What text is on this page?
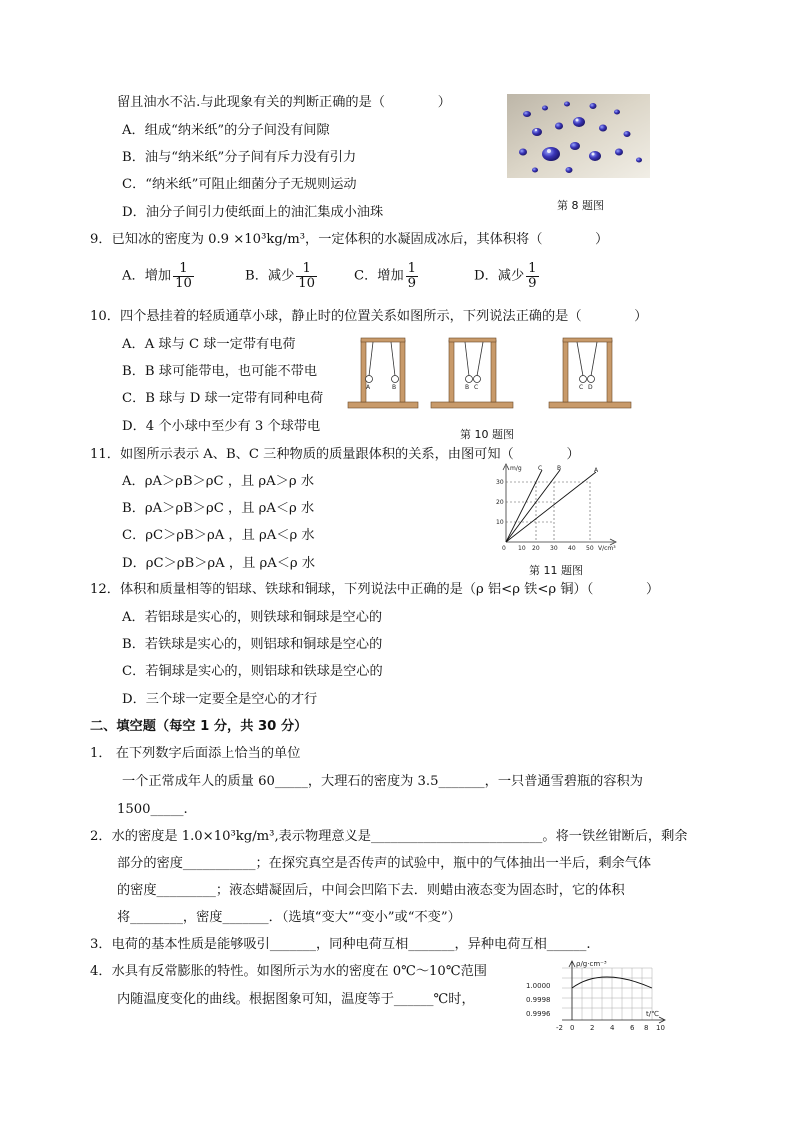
留且油水不沾.与此现象有关的判断正确的是（　　　　）
A．组成“纳米纸”的分子间没有间隙
B．油与“纳米纸”分子间有斥力没有引力
C．“纳米纸”可阻止细菌分子无规则运动
D．油分子间引力使纸面上的油汇集成小油珠	第 8 题图
9．已知冰的密度为 0.9 ×10³kg/m³，一定体积的水凝固成冰后，其体积将（　　　　）
A．增加 $\frac{1}{10}$	B．减少 $\frac{1}{10}$	C．增加 $\frac{1}{9}$	D．减少 $\frac{1}{9}$
10．四个悬挂着的轻质通草小球，静止时的位置关系如图所示，下列说法正确的是（　　　　）
A．A 球与 C 球一定带有电荷
B．B 球可能带电，也可能不带电
C．B 球与 D 球一定带有同种电荷
D．4 个小球中至少有 3 个球带电
A	B	B C	C D
第 10 题图
11．如图所示表示 A、B、C 三种物质的质量跟体积的关系，由图可知（　　　　）
A．ρA＞ρB＞ρC ，且 ρA＞ρ 水
B．ρA＞ρB＞ρC ，且 ρA＜ρ 水
C．ρC＞ρB＞ρA ，且 ρA＜ρ 水
D．ρC＞ρB＞ρA ，且 ρA＜ρ 水
m/g	C B	A
30
20
10
0 10 20 30 40 50 V/cm³
第 11 题图
12．体积和质量相等的铝球、铁球和铜球，下列说法中正确的是（ρ 铝<ρ 铁<ρ 铜）（　　　　）
A．若铝球是实心的，则铁球和铜球是空心的
B．若铁球是实心的，则铝球和铜球是空心的
C．若铜球是实心的，则铝球和铁球是空心的
D．三个球一定要全是空心的才行
二、填空题（每空 1 分，共 30 分）
1． 在下列数字后面添上恰当的单位
一个正常成年人的质量 60_____，大理石的密度为 3.5_______，一只普通雪碧瓶的容积为
1500_____.
2．水的密度是 1.0×10³kg/m³,表示物理意义是__________________________。将一铁丝钳断后，剩余
部分的密度___________；在探究真空是否传声的试验中，瓶中的气体抽出一半后，剩余气体
的密度_________；液态蜡凝固后，中间会凹陷下去．则蜡由液态变为固态时，它的体积
将________，密度_______．（选填“变大”“变小”或“不变”）
3．电荷的基本性质是能够吸引_______，同种电荷互相_______，异种电荷互相______.
4．水具有反常膨胀的特性。如图所示为水的密度在 0℃～10℃范围
内随温度变化的曲线。根据图象可知，温度等于______℃时，
ρ/g·cm⁻³
t/℃
1.0000
0.9998
0.9996
-2 0 2 4 6 8 10
